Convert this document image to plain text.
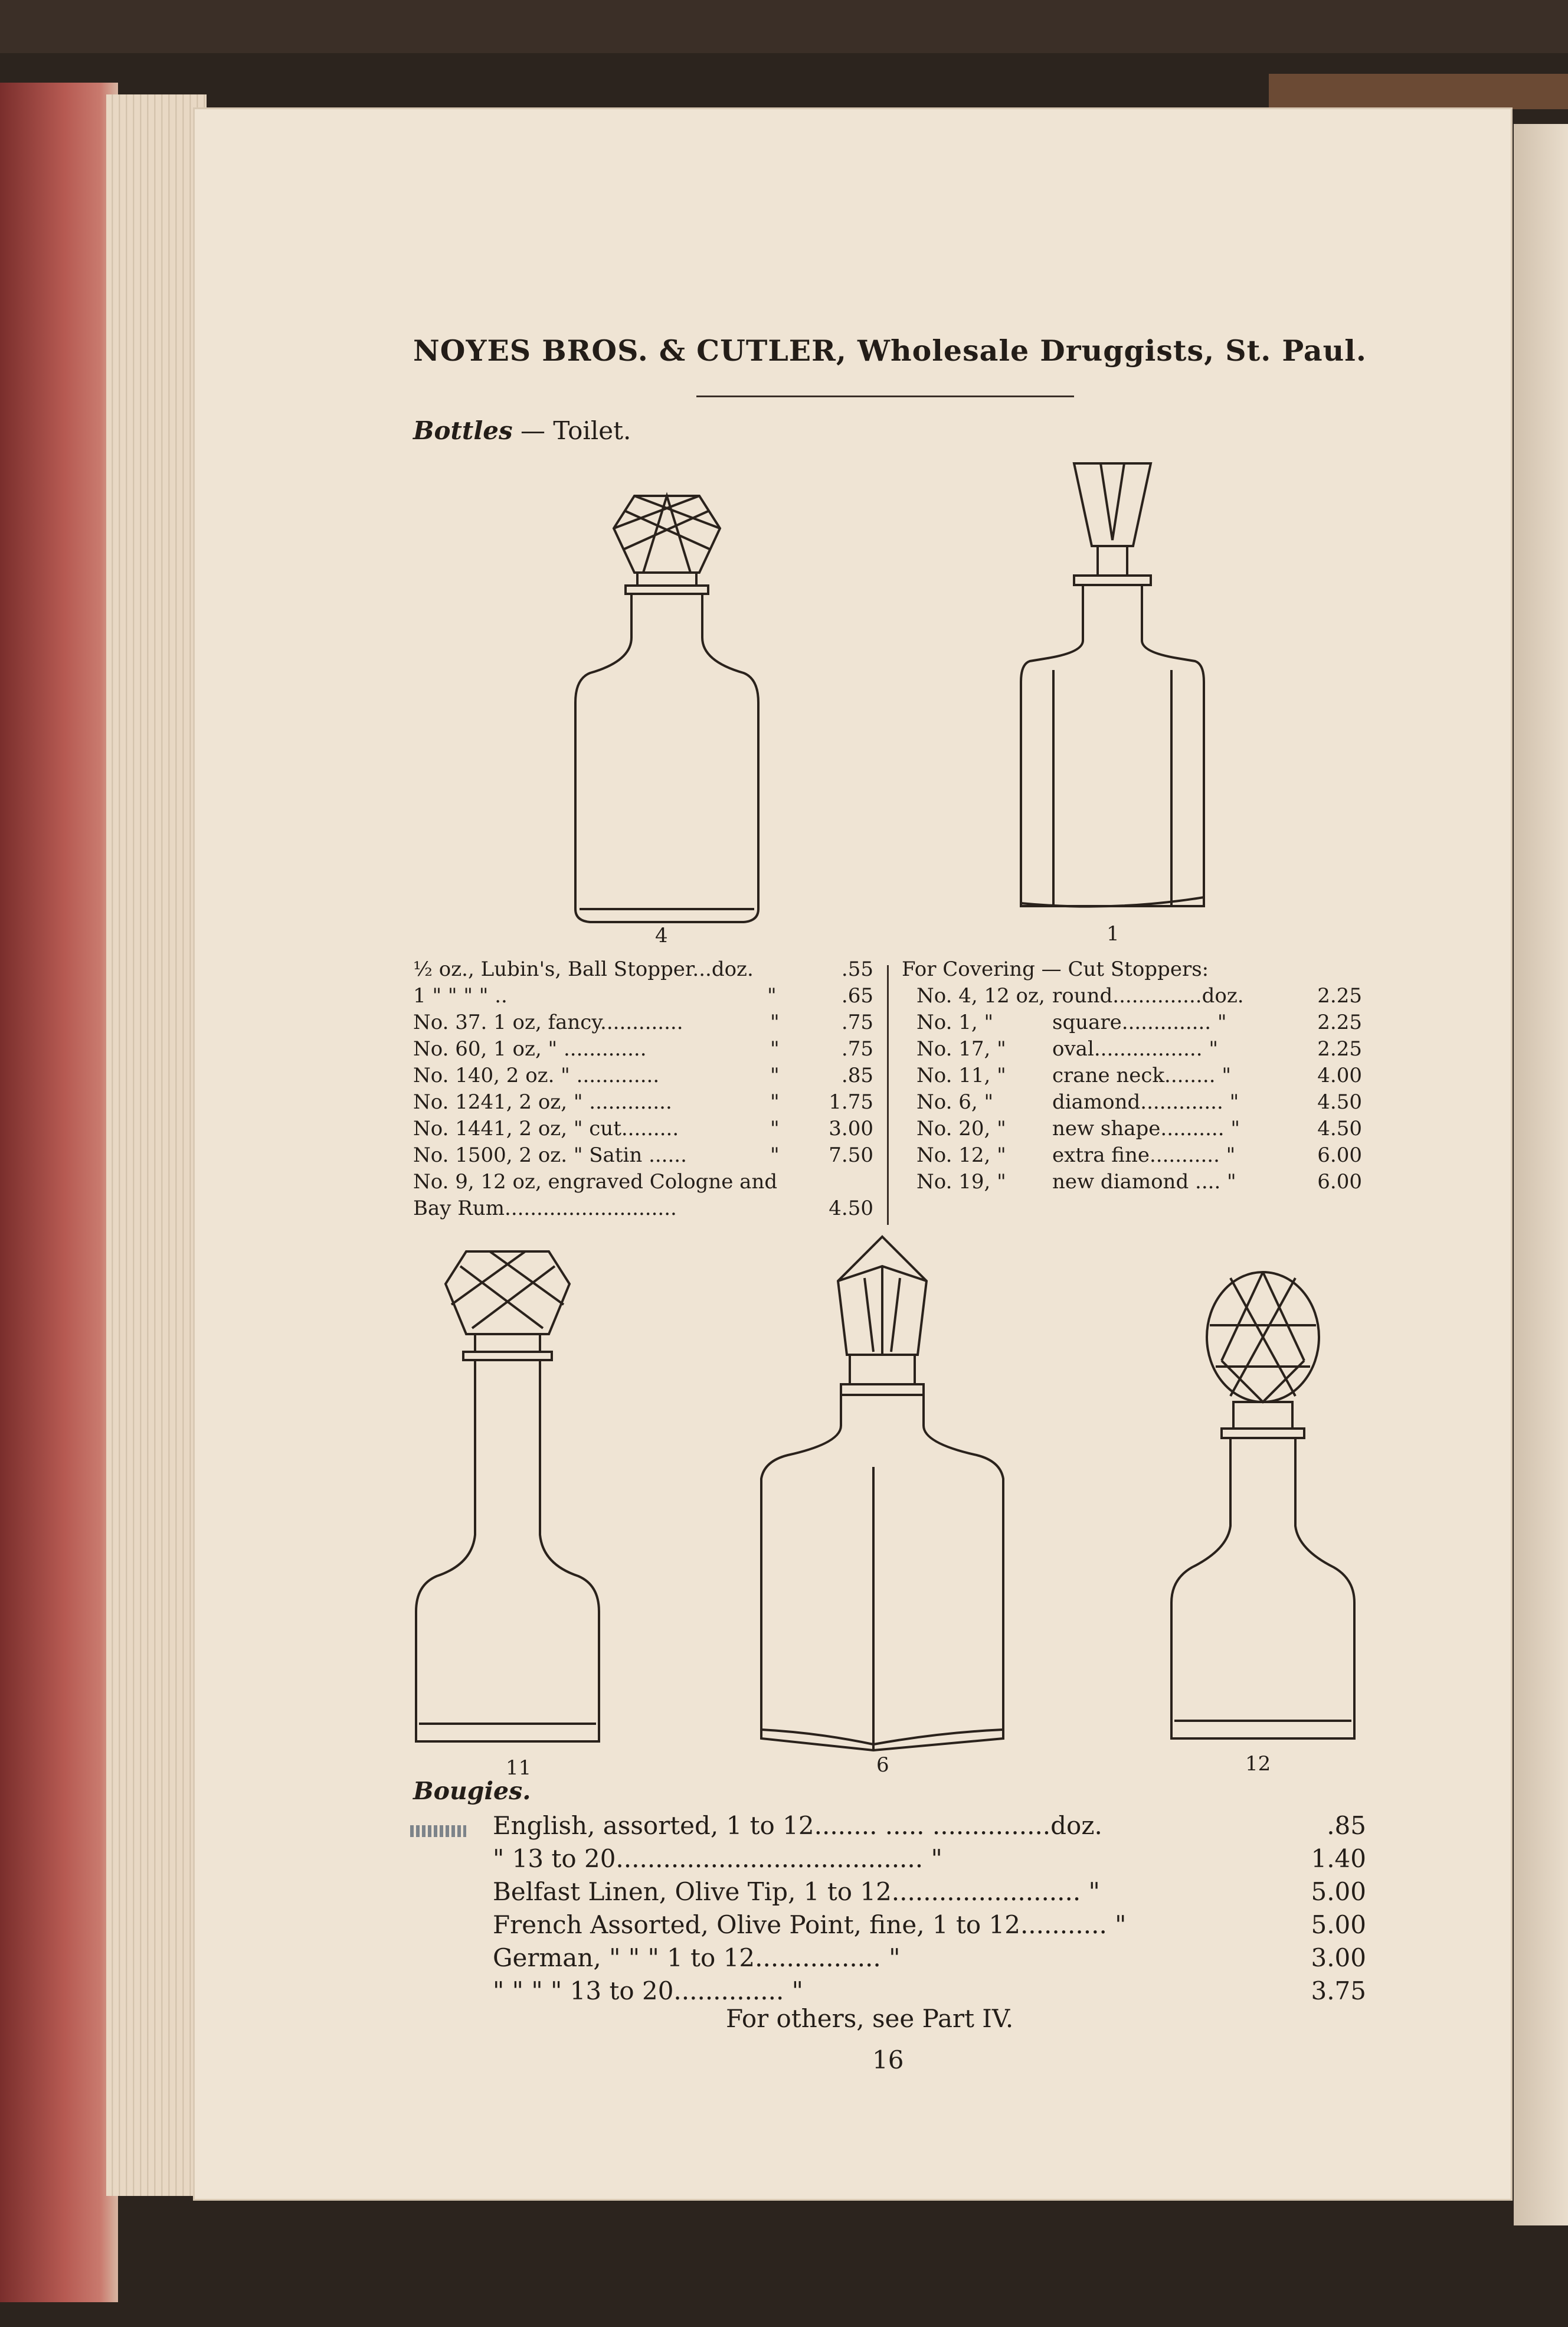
NOYES BROS. & CUTLER, Wholesale Druggists, St. Paul.
Bottles — Toilet.
4	1
½ oz., Lubin's, Ball Stopper...doz.	.55
1 " " " " ..	"	.65
No. 37. 1 oz, fancy.............	"	.75
No. 60, 1 oz, " .............	"	.75
No. 140, 2 oz. " .............	"	.85
No. 1241, 2 oz, " .............	" 1.75
No. 1441, 2 oz, " cut.........	" 3.00
No. 1500, 2 oz. " Satin ......	" 7.50
No. 9, 12 oz, engraved Cologne and
Bay Rum...........................	4.50
For Covering — Cut Stoppers:
No. 4, 12 oz, round..............doz.	2.25
No. 1, "	square.............. "	2.25
No. 17, " oval................. "	2.25
No. 11, " crane neck........ "	4.00
No. 6, "	diamond............. "	4.50
No. 20, " new shape.......... "	4.50
No. 12, " extra fine........... "	6.00
No. 19, " new diamond .... "	6.00
11	6	12
Bougies.
English, assorted, 1 to 12........ ..... ...............doz.	.85
" 13 to 20....................................... "	1.40
Belfast Linen, Olive Tip, 1 to 12........................ "	5.00
French Assorted, Olive Point, fine, 1 to 12........... "	5.00
German, " " " 1 to 12................ "	3.00
" " " " 13 to 20.............. "	3.75
For others, see Part IV.
16
